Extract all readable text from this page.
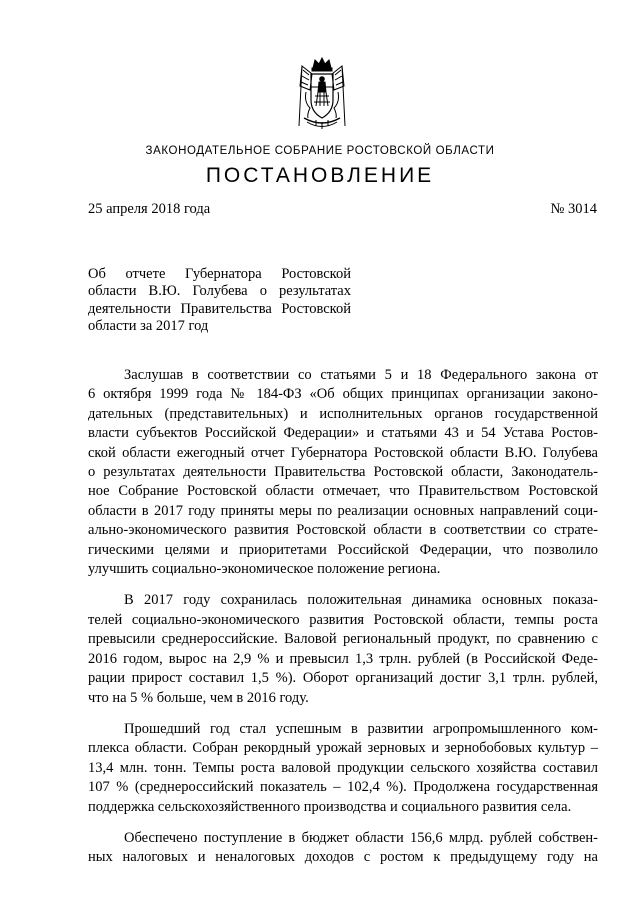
ЗАКОНОДАТЕЛЬНОЕ СОБРАНИЕ РОСТОВСКОЙ ОБЛАСТИ
ПОСТАНОВЛЕНИЕ
25 апреля 2018 года	№ 3014
Об отчете Губернатора Ростовской
области В.Ю. Голубева о результатах
деятельности Правительства Ростовской
области за 2017 год

Заслушав в соответствии со статьями 5 и 18 Федерального закона от
6 октября 1999 года № 184-ФЗ «Об общих принципах организации законо-
дательных (представительных) и исполнительных органов государственной
власти субъектов Российской Федерации» и статьями 43 и 54 Устава Ростов-
ской области ежегодный отчет Губернатора Ростовской области В.Ю. Голубева
о результатах деятельности Правительства Ростовской области, Законодатель-
ное Собрание Ростовской области отмечает, что Правительством Ростовской
области в 2017 году приняты меры по реализации основных направлений соци-
ально-экономического развития Ростовской области в соответствии со страте-
гическими целями и приоритетами Российской Федерации, что позволило
улучшить социально-экономическое положение региона.

В 2017 году сохранилась положительная динамика основных показа-
телей социально-экономического развития Ростовской области, темпы роста
превысили среднероссийские. Валовой региональный продукт, по сравнению с
2016 годом, вырос на 2,9 % и превысил 1,3 трлн. рублей (в Российской Феде-
рации прирост составил 1,5 %). Оборот организаций достиг 3,1 трлн. рублей,
что на 5 % больше, чем в 2016 году.

Прошедший год стал успешным в развитии агропромышленного ком-
плекса области. Собран рекордный урожай зерновых и зернобобовых культур –
13,4 млн. тонн. Темпы роста валовой продукции сельского хозяйства составил
107 % (среднероссийский показатель – 102,4 %). Продолжена государственная
поддержка сельскохозяйственного производства и социального развития села.

Обеспечено поступление в бюджет области 156,6 млрд. рублей собствен-
ных налоговых и неналоговых доходов с ростом к предыдущему году на
